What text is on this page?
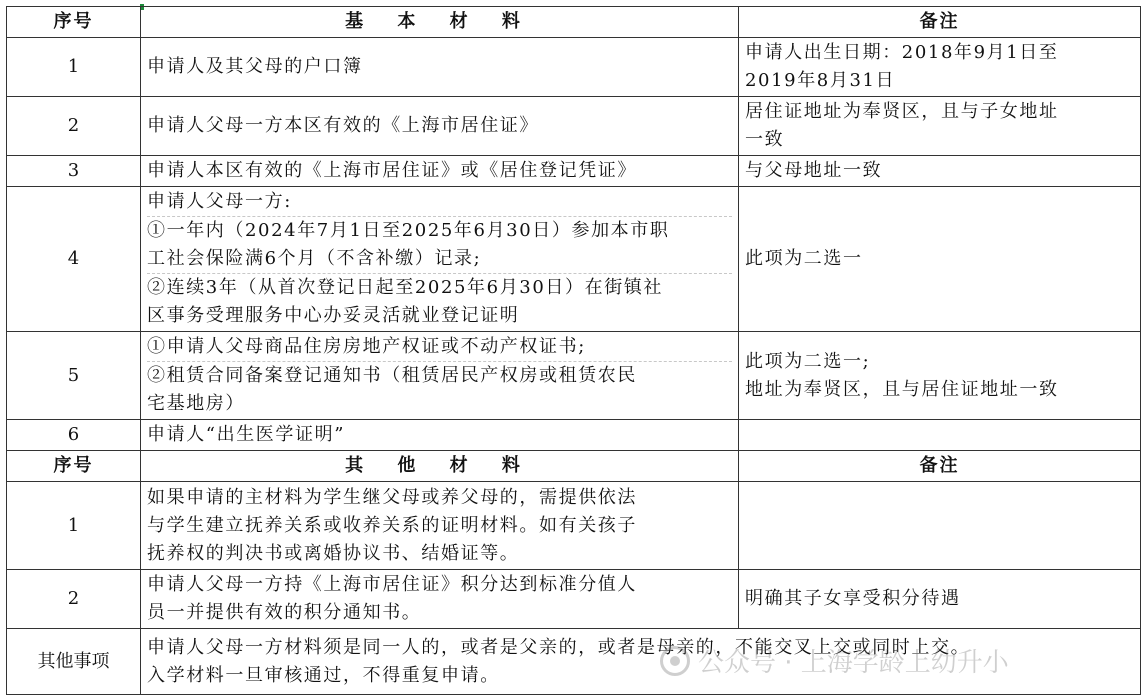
序号	基 本 材 料	备注
1	申请人及其父母的户口簿	申请人出生日期：2018年9月1日至
2019年8月31日

2	申请人父母一方本区有效的《上海市居住证》	居住证地址为奉贤区，且与子女地址
一致

3	申请人本区有效的《上海市居住证》或《居住登记凭证》	与父母地址一致

4	申请人父母一方:
①一年内（2024年7月1日至2025年6月30日）参加本市职
工社会保险满6个月（不含补缴）记录;
②连续3年（从首次登记日起至2025年6月30日）在街镇社
区事务受理服务中心办妥灵活就业登记证明	此项为二选一

5	①申请人父母商品住房房地产权证或不动产权证书;
②租赁合同备案登记通知书（租赁居民产权房或租赁农民
宅基地房）	此项为二选一;
地址为奉贤区，且与居住证地址一致

6	申请人“出生医学证明”	

序号	其 他 材 料	备注
1	如果申请的主材料为学生继父母或养父母的，需提供依法
与学生建立抚养关系或收养关系的证明材料。如有关孩子
抚养权的判决书或离婚协议书、结婚证等。	

2	申请人父母一方持《上海市居住证》积分达到标准分值人
员一并提供有效的积分通知书。	明确其子女享受积分待遇

其他事项	申请人父母一方材料须是同一人的，或者是父亲的，或者是母亲的，不能交叉上交或同时上交。
入学材料一旦审核通过，不得重复申请。		公众号 · 上海学龄上幼升小
